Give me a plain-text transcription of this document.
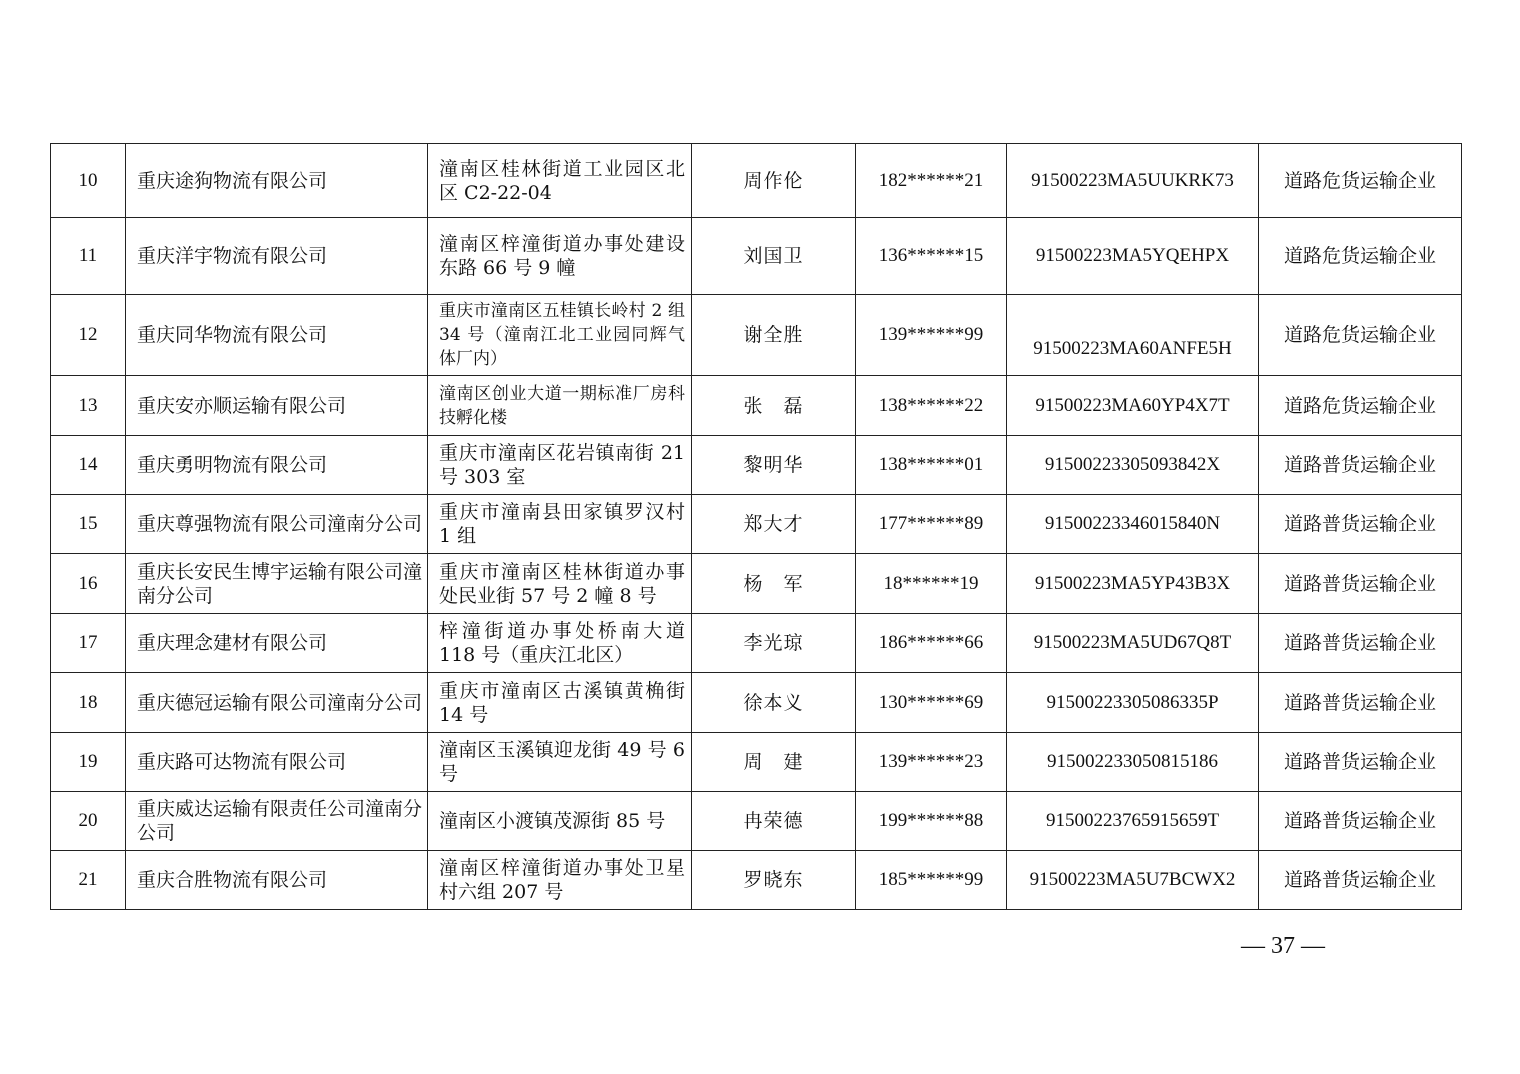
10	重庆途狗物流有限公司	潼南区桂林街道工业园区北区 C2-22-04	周作伦	182******21	91500223MA5UUKRK73	道路危货运输企业
11	重庆洋宇物流有限公司	潼南区梓潼街道办事处建设东路 66 号 9 幢	刘国卫	136******15	91500223MA5YQEHPX	道路危货运输企业
12	重庆同华物流有限公司	重庆市潼南区五桂镇长岭村 2 组 34 号（潼南江北工业园同辉气体厂内）	谢全胜	139******99	91500223MA60ANFE5H	道路危货运输企业
13	重庆安亦顺运输有限公司	潼南区创业大道一期标准厂房科技孵化楼	张　磊	138******22	91500223MA60YP4X7T	道路危货运输企业
14	重庆勇明物流有限公司	重庆市潼南区花岩镇南街 21 号 303 室	黎明华	138******01	91500223305093842X	道路普货运输企业
15	重庆尊强物流有限公司潼南分公司	重庆市潼南县田家镇罗汉村 1 组	郑大才	177******89	91500223346015840N	道路普货运输企业
16	重庆长安民生博宇运输有限公司潼南分公司	重庆市潼南区桂林街道办事处民业街 57 号 2 幢 8 号	杨　军	18******19	91500223MA5YP43B3X	道路普货运输企业
17	重庆理念建材有限公司	梓潼街道办事处桥南大道 118 号（重庆江北区）	李光琼	186******66	91500223MA5UD67Q8T	道路普货运输企业
18	重庆德冠运输有限公司潼南分公司	重庆市潼南区古溪镇黄桷街 14 号	徐本义	130******69	91500223305086335P	道路普货运输企业
19	重庆路可达物流有限公司	潼南区玉溪镇迎龙街 49 号 6 号	周　建	139******23	915002233050815186	道路普货运输企业
20	重庆威达运输有限责任公司潼南分公司	潼南区小渡镇茂源街 85 号	冉荣德	199******88	91500223765915659T	道路普货运输企业
21	重庆合胜物流有限公司	潼南区梓潼街道办事处卫星村六组 207 号	罗晓东	185******99	91500223MA5U7BCWX2	道路普货运输企业
— 37 —
